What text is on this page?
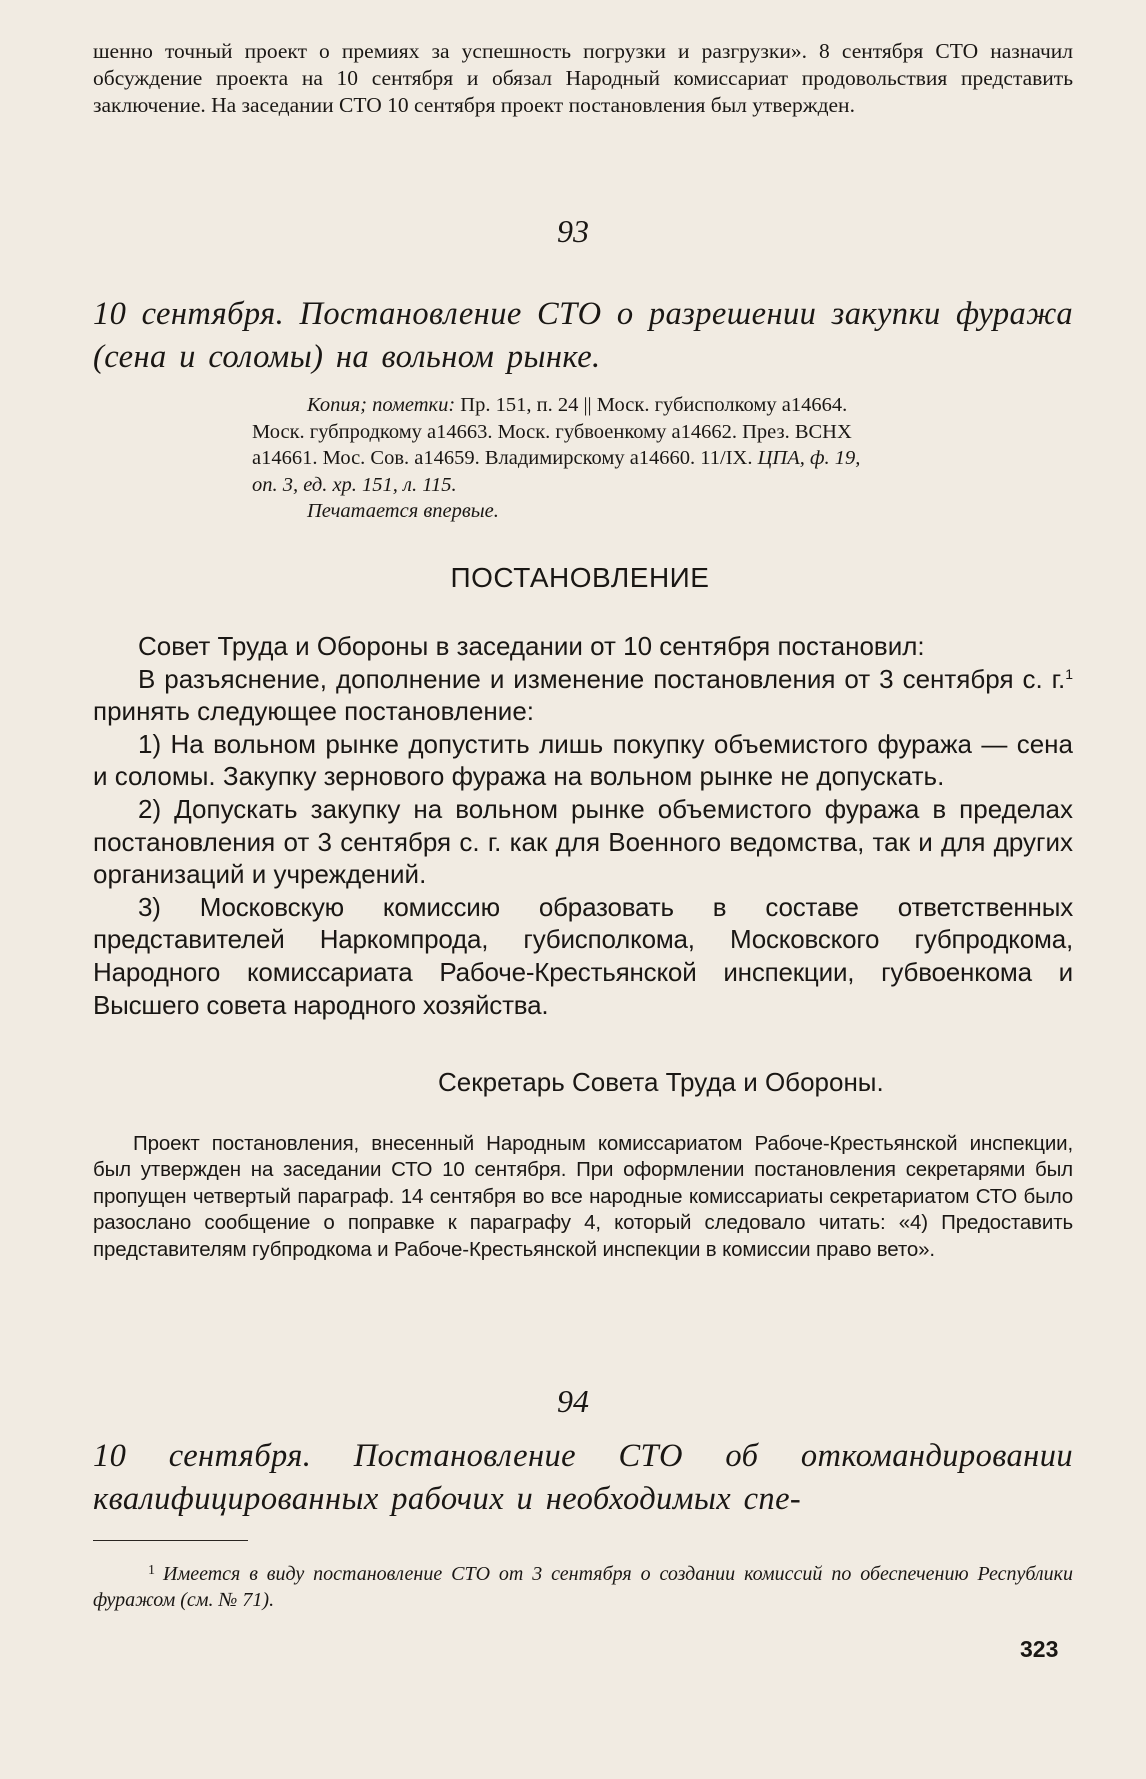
шенно точный проект о премиях за успешность погрузки и разгрузки». 8 сентября СТО назначил обсуждение проекта на 10 сентября и обязал Народный комиссариат продовольствия представить заключение. На заседании СТО 10 сентября проект постановления был утвержден.

93

10 сентября. Постановление СТО о разрешении закупки фуража (сена и соломы) на вольном рынке.

Копия; пометки: Пр. 151, п. 24 || Моск. губисполкому а14664.
Моск. губпродкому а14663. Моск. губвоенкому а14662. През. ВСНХ
а14661. Мос. Сов. а14659. Владимирскому а14660. 11/IX. ЦПА, ф. 19,
оп. 3, ед. хр. 151, л. 115.
Печатается впервые.

ПОСТАНОВЛЕНИЕ

Совет Труда и Обороны в заседании от 10 сентября постановил:

В разъяснение, дополнение и изменение постановления от 3 сентября с. г.$^1$ принять следующее постановление:

1) На вольном рынке допустить лишь покупку объемистого фуража — сена и соломы. Закупку зернового фуража на вольном рынке не допускать.

2) Допускать закупку на вольном рынке объемистого фуража в пределах постановления от 3 сентября с. г. как для Военного ведомства, так и для других организаций и учреждений.

3) Московскую комиссию образовать в составе ответственных представителей Наркомпрода, губисполкома, Московского губпродкома, Народного комиссариата Рабоче-Крестьянской инспекции, губвоенкома и Высшего совета народного хозяйства.

Секретарь Совета Труда и Обороны.

Проект постановления, внесенный Народным комиссариатом Рабоче-Крестьянской инспекции, был утвержден на заседании СТО 10 сентября. При оформлении постановления секретарями был пропущен четвертый параграф. 14 сентября во все народные комиссариаты секретариатом СТО было разослано сообщение о поправке к параграфу 4, который следовало читать: «4) Предоставить представителям губпродкома и Рабоче-Крестьянской инспекции в комиссии право вето».

94

10 сентября. Постановление СТО об откомандировании квалифицированных рабочих и необходимых спе-

$^1$ Имеется в виду постановление СТО от 3 сентября о создании комиссий по обеспечению Республики фуражом (см. № 71).

323
